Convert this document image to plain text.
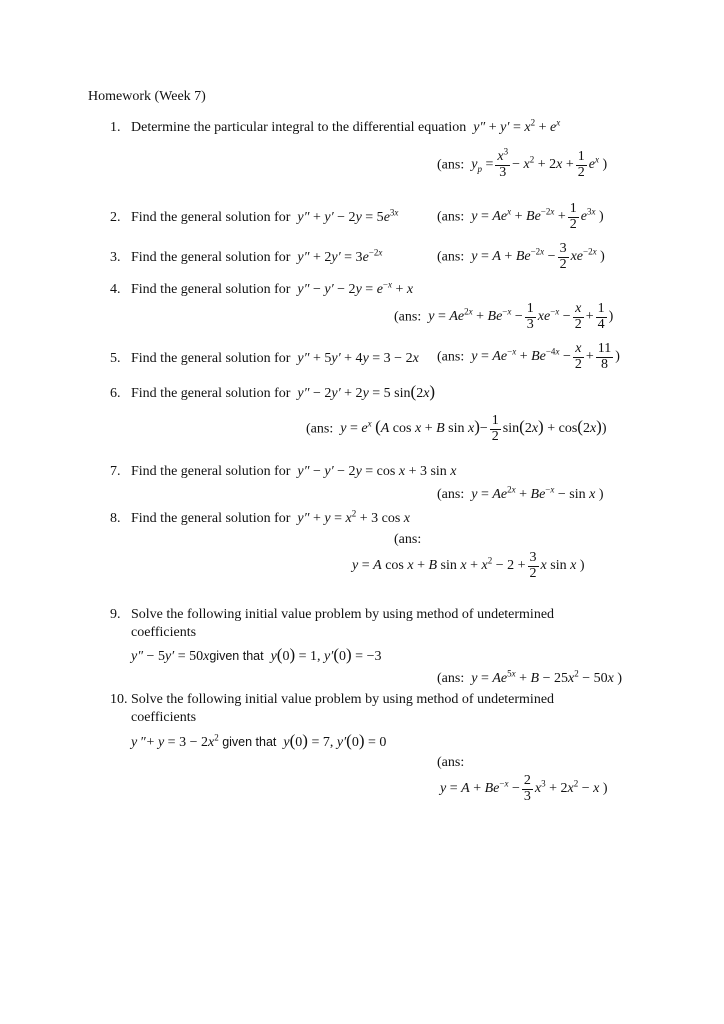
Homework (Week 7)
1. Determine the particular integral to the differential equation $y'' + y' = x^2 + e^x$
(ans: $y_p = \frac{x^3}{3} - x^2 + 2x + \frac{1}{2} e^x$ )
2. Find the general solution for $y'' + y' - 2y = 5e^{3x}$	(ans: $y = Ae^x + Be^{-2x} + \frac{1}{2} e^{3x}$ )
3. Find the general solution for $y'' + 2y' = 3e^{-2x}$	(ans: $y = A + Be^{-2x} - \frac{3}{2} xe^{-2x}$ )
4. Find the general solution for $y'' - y' - 2y = e^{-x} + x$
(ans: $y = Ae^{2x} + Be^{-x} - \frac{1}{3} xe^{-x} - \frac{x}{2} + \frac{1}{4}$ )
5. Find the general solution for y″ + 5y′ + 4y = 3 − 2x (ans: $y = Ae^{-x} + Be^{-4x} - \frac{x}{2} + \frac{11}{8}$ )
6. Find the general solution for y″ − 2y′ + 2y = 5 sin(2x)
(ans: $y = e^x$ (A cos x + B $\sin x)- \frac{1}{2} \sin(2x) + \cos(2x)$)
7. Find the general solution for y″ − y′ − 2y = cos x + 3 sin x
(ans: $y = Ae^{2x} + Be^{-x} - \sin x$ )
8. Find the general solution for $y'' + y = x^2 + 3$ cos x
(ans:
y = A cos x + B $\sin x + x^2 - 2 + \frac{3}{2}$ x sin x )
9. Solve the following initial value problem by using method of undetermined
coefficients
y″ − 5y′ = 50xgiven that y(0) = 1, y′(0) = −3
(ans: $y = Ae^{5x} + B - 25x^2 - 50x$ )
10. Solve the following initial value problem by using method of undetermined
coefficients
y ″+ $y = 3 - 2x^2$ given that y(0) = 7, y′(0) = 0
(ans:
$y = A + Be^{-x} - \frac{2}{3} x^3 + 2x^2 - x$ )
